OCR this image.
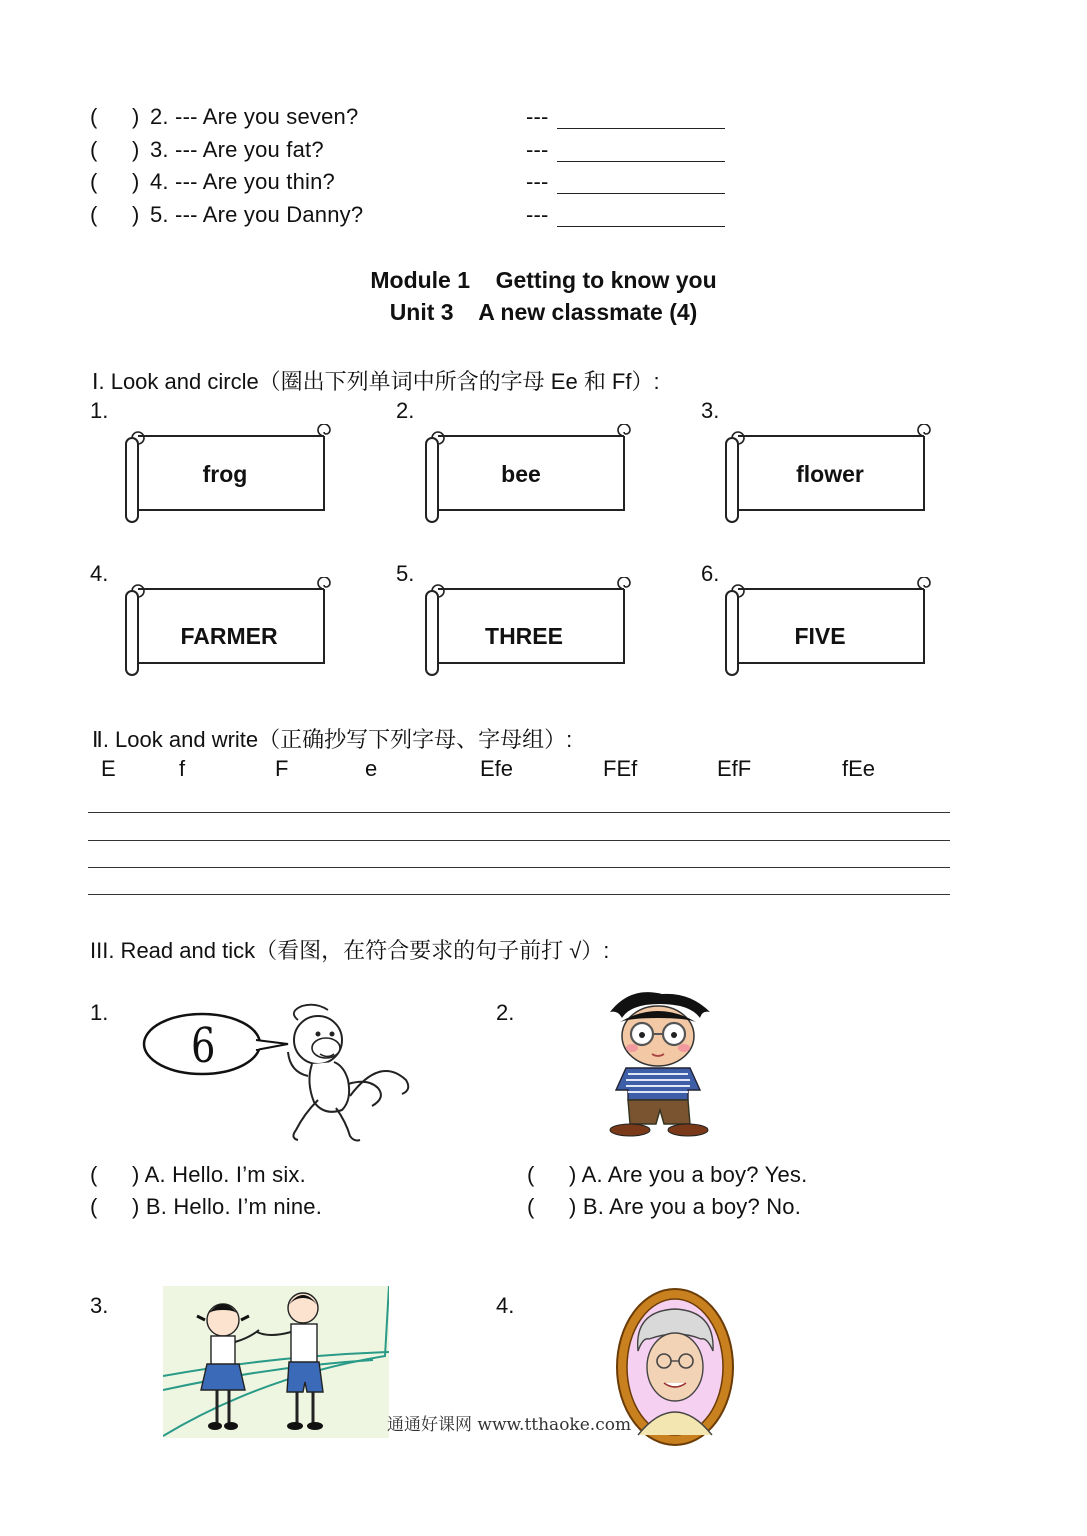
( ) 2. --- Are you seven?	---
( ) 3. --- Are you fat?	---
( ) 4. --- Are you thin?	---
( ) 5. --- Are you Danny?	---
Module 1    Getting to know you
Unit 3    A new classmate (4)
Ⅰ. Look and circle（圈出下列单词中所含的字母 Ee 和 Ff）:
1.	2.	3.
4.	5.	6.
frog	bee	flower
FARMER	THREE	FIVE
Ⅱ. Look and write（正确抄写下列字母、字母组）:
E	f	F	e	Efe	FEf	EfF	fEe
III. Read and tick（看图，在符合要求的句子前打 √）:
1.	2.
6
( ) A. Hello. I’m six.
( ) B. Hello. I’m nine.
( ) A. Are you a boy? Yes.
( ) B. Are you a boy? No.
3.	4.
通通好课网 www.tthaoke.com
